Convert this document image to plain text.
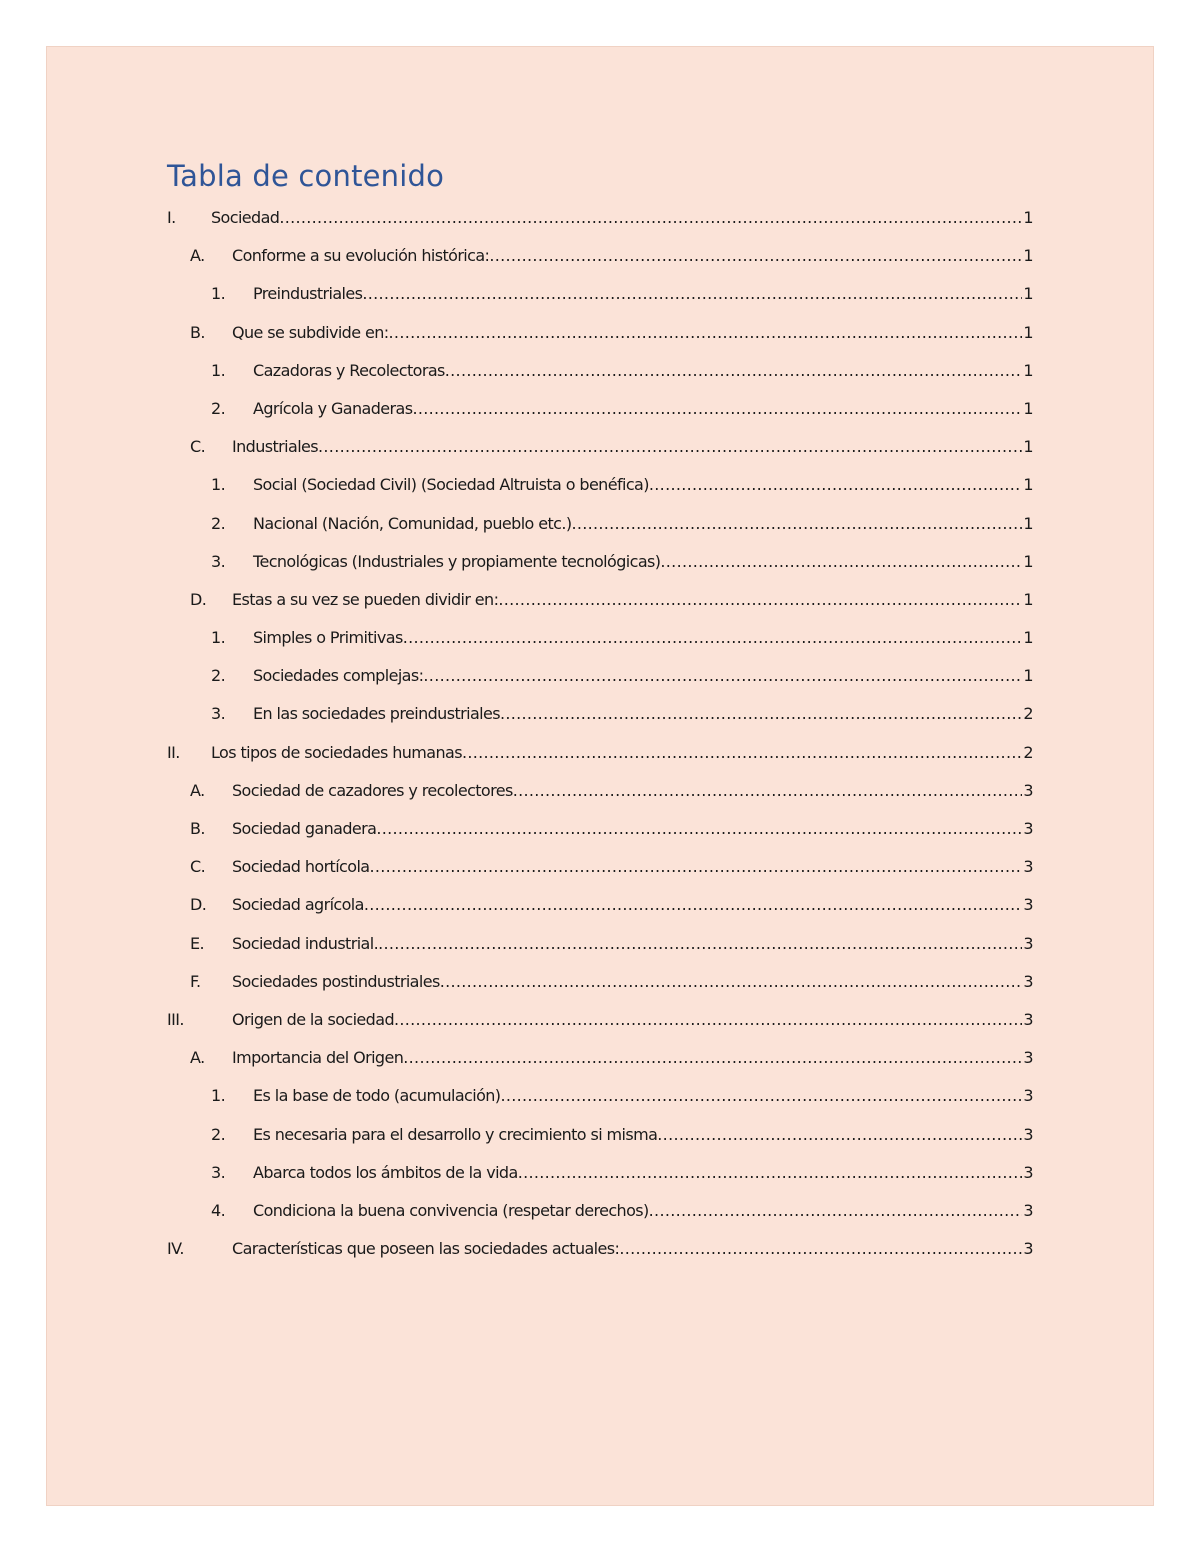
Tabla de contenido
I.	Sociedad .....	1
A.	Conforme a su evolución histórica: .....	1
1.	Preindustriales .....	1
B.	Que se subdivide en: .....	1
1.	Cazadoras y Recolectoras .....	1
2.	Agrícola y Ganaderas .....	1
C.	Industriales .....	1
1.	Social (Sociedad Civil) (Sociedad Altruista o benéfica) .....	1
2.	Nacional (Nación, Comunidad, pueblo etc.) .....	1
3.	Tecnológicas (Industriales y propiamente tecnológicas) .....	1
D.	Estas a su vez se pueden dividir en: .....	1
1.	Simples o Primitivas .....	1
2.	Sociedades complejas: .....	1
3.	En las sociedades preindustriales .....	2
II.	Los tipos de sociedades humanas .....	2
A.	Sociedad de cazadores y recolectores .....	3
B.	Sociedad ganadera .....	3
C.	Sociedad hortícola .....	3
D.	Sociedad agrícola .....	3
E.	Sociedad industrial. .....	3
F.	Sociedades postindustriales .....	3
III.	Origen de la sociedad .....	3
A.	Importancia del Origen .....	3
1.	Es la base de todo (acumulación) .....	3
2.	Es necesaria para el desarrollo y crecimiento si misma .....	3
3.	Abarca todos los ámbitos de la vida .....	3
4.	Condiciona la buena convivencia (respetar derechos) .....	3
IV.	Características que poseen las sociedades actuales: .....	3
